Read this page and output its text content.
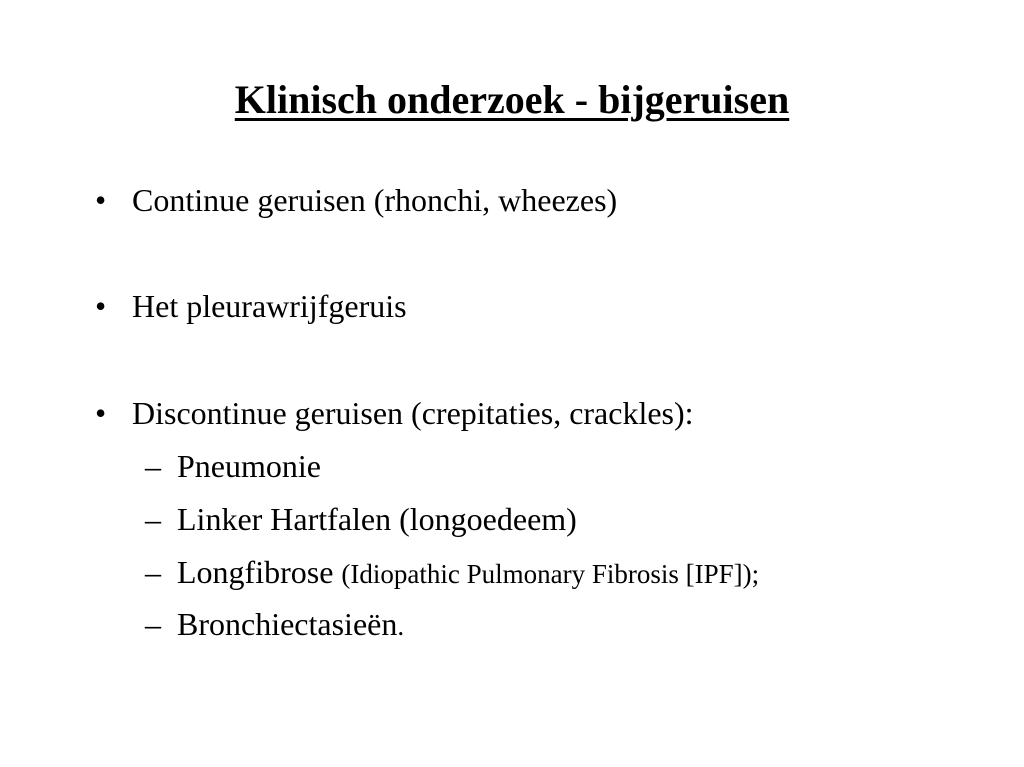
Klinisch onderzoek - bijgeruisen
• Continue geruisen (rhonchi, wheezes)
• Het pleurawrijfgeruis
• Discontinue geruisen (crepitaties, crackles):
– Pneumonie
– Linker Hartfalen (longoedeem)
– Longfibrose (Idiopathic Pulmonary Fibrosis [IPF]);
– Bronchiectasieën.
